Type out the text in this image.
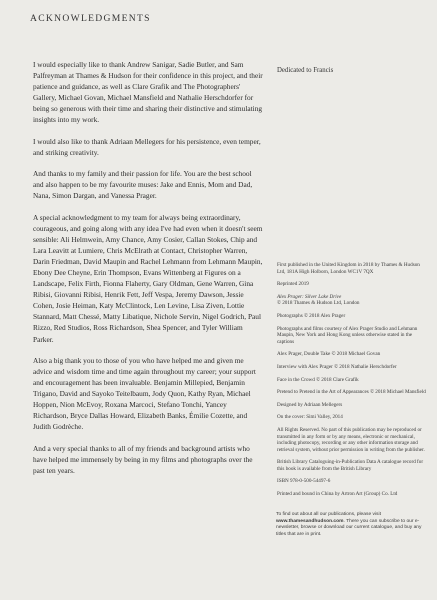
ACKNOWLEDGMENTS

I would especially like to thank Andrew Sanigar, Sadie Butler, and Sam Palfreyman at Thames & Hudson for their confidence in this project, and their patience and guidance, as well as Clare Grafik and The Photographers' Gallery, Michael Govan, Michael Mansfield and Nathalie Herschdorfer for being so generous with their time and sharing their distinctive and stimulating insights into my work.

I would also like to thank Adriaan Mellegers for his persistence, even temper, and striking creativity.

And thanks to my family and their passion for life. You are the best school and also happen to be my favourite muses: Jake and Ennis, Mom and Dad, Nana, Simon Dargan, and Vanessa Prager.

A special acknowledgment to my team for always being extraordinary, courageous, and going along with any idea I've had even when it doesn't seem sensible: Ali Helmwein, Amy Chance, Amy Cosier, Callan Stokes, Chip and Lara Leavitt at Lumiere, Chris McElrath at Contact, Christopher Warren, Darin Friedman, David Maupin and Rachel Lehmann from Lehmann Maupin, Ebony Dee Cheyne, Erin Thompson, Evans Wittenberg at Figures on a Landscape, Felix Firth, Fionna Flaherty, Gary Oldman, Gene Warren, Gina Ribisi, Giovanni Ribisi, Henrik Fett, Jeff Vespa, Jeremy Dawson, Jessie Cohen, Josie Heiman, Katy McClintock, Len Levine, Lisa Ziven, Lottie Stannard, Matt Chessé, Matty Libatique, Nichole Servin, Nigel Godrich, Paul Rizzo, Red Studios, Ross Richardson, Shea Spencer, and Tyler William Parker.

Also a big thank you to those of you who have helped me and given me advice and wisdom time and time again throughout my career; your support and encouragement has been invaluable. Benjamin Millepied, Benjamin Trigano, David and Sayoko Teitelbaum, Jody Quon, Kathy Ryan, Michael Hoppen, Nion McEvoy, Roxana Marcoci, Stefano Tonchi, Yancey Richardson, Bryce Dallas Howard, Elizabeth Banks, Émilie Cozette, and Judith Godrèche.

And a very special thanks to all of my friends and background artists who have helped me immensely by being in my films and photographs over the past ten years.

Dedicated to Francis

First published in the United Kingdom in 2018 by Thames & Hudson Ltd, 181A High Holborn, London WC1V 7QX

Reprinted 2019

Alex Prager: Silver Lake Drive
© 2018 Thames & Hudson Ltd, London

Photographs © 2018 Alex Prager

Photographs and films courtesy of Alex Prager Studio and Lehmann Maupin, New York and Hong Kong unless otherwise stated in the captions

Alex Prager, Double Take © 2018 Michael Govan

Interview with Alex Prager © 2018 Nathalie Herschdorfer

Face in the Crowd © 2018 Clare Grafik

Pretend to Pretend in the Art of Appearances © 2018 Michael Mansfield

Designed by Adriaan Mellegers

On the cover: Simi Valley, 2014

All Rights Reserved. No part of this publication may be reproduced or transmitted in any form or by any means, electronic or mechanical, including photocopy, recording or any other information storage and retrieval system, without prior permission in writing from the publisher.

British Library Cataloguing-in-Publication Data A catalogue record for this book is available from the British Library

ISBN 978-0-500-54497-6

Printed and bound in China by Artron Art (Group) Co. Ltd

To find out about all our publications, please visit www.thamesandhudson.com. There you can subscribe to our e-newsletter, browse or download our current catalogue, and buy any titles that are in print.
